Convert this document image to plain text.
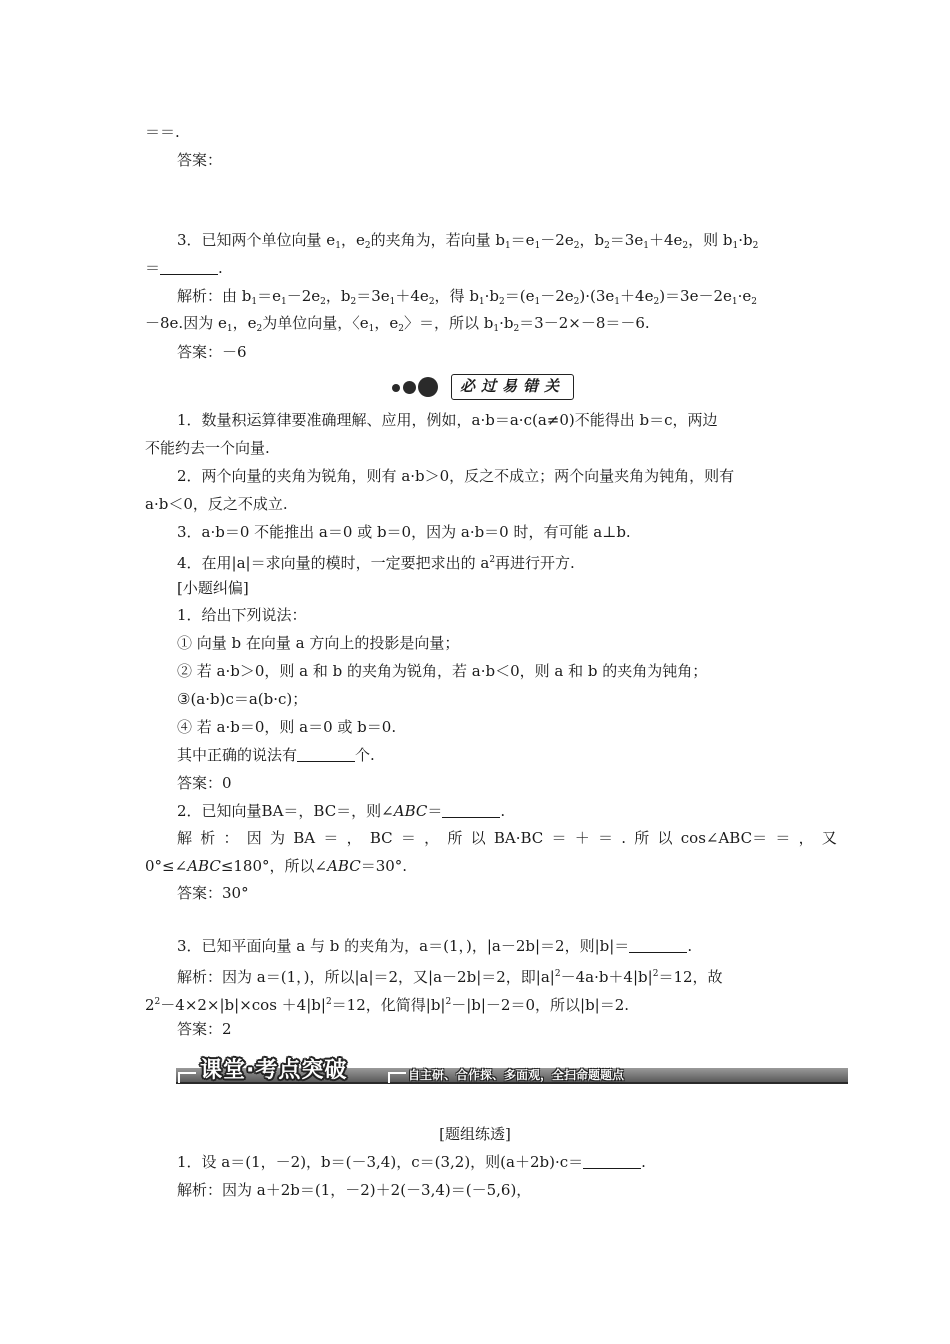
＝＝.
答案：
3．已知两个单位向量 $e_1$，$e_2$的夹角为，若向量 $b_1=e_1-2e_2$，$b_2=3e_1+4e_2$，则 $b_1\cdot b_2$
＝	.
解析：由 $b_1=e_1-2e_2$，$b_2=3e_1+4e_2$，得 $b_1\cdot b_2=(e_1-2e_2)\cdot(3e_1+4e_2)=3e-2e_1\cdot e_2$
－8e.因为 $e_1$，$e_2$为单位向量，〈$e_1$，$e_2$〉＝，所以 $b_1\cdot b_2=3-2\times-8=-6$.
答案：－6
必过易错关
1．数量积运算律要准确理解、应用，例如，a·b＝a·c(a≠0)不能得出 b＝c，两边
不能约去一个向量.
2．两个向量的夹角为锐角，则有 a·b＞0，反之不成立；两个向量夹角为钝角，则有
a·b＜0，反之不成立.
3．a·b＝0 不能推出 a＝0 或 b＝0，因为 a·b＝0 时，有可能 a⊥b.
4．在用|a|＝求向量的模时，一定要把求出的 $a^2$再进行开方.
[小题纠偏]
1．给出下列说法：
① 向量 b 在向量 a 方向上的投影是向量；
② 若 a·b＞0，则 a 和 b 的夹角为锐角，若 a·b＜0，则 a 和 b 的夹角为钝角；
③(a·b)c＝a(b·c)；
④ 若 a·b＝0，则 a＝0 或 b＝0.
其中正确的说法有	个.
答案：0
2．已知向量BA＝，BC＝，则∠ABC＝	.
解 析 ： 因 为 BA ＝ ， BC ＝ ， 所 以 BA·BC ＝ ＋ ＝ . 所 以 cos∠ABC＝ ＝ ， 又
0°≤∠ABC≤180°，所以∠ABC＝30°.
答案：30°
3．已知平面向量 a 与 b 的夹角为，a＝(1，)，|a－2b|＝2，则|b|＝	.
解析：因为 a＝(1，)，所以|a|＝2，又|a－2b|＝2，即$|a|^2-4a\cdot b+4|b|^2=12$，故
$2^2-4\times 2\times|b|\times\cos +4|b|^2=12$，化简得$|b|^2-|b|-2=0$，所以|b|＝2.
答案：2
课堂·考点突破	自主研、合作探、多面观，全扫命题题点
[题组练透]
1．设 a＝(1，－2)，b＝(－3,4)，c＝(3,2)，则(a＋2b)·c＝	.
解析：因为 a＋2b＝(1，－2)＋2(－3,4)＝(－5,6)，
